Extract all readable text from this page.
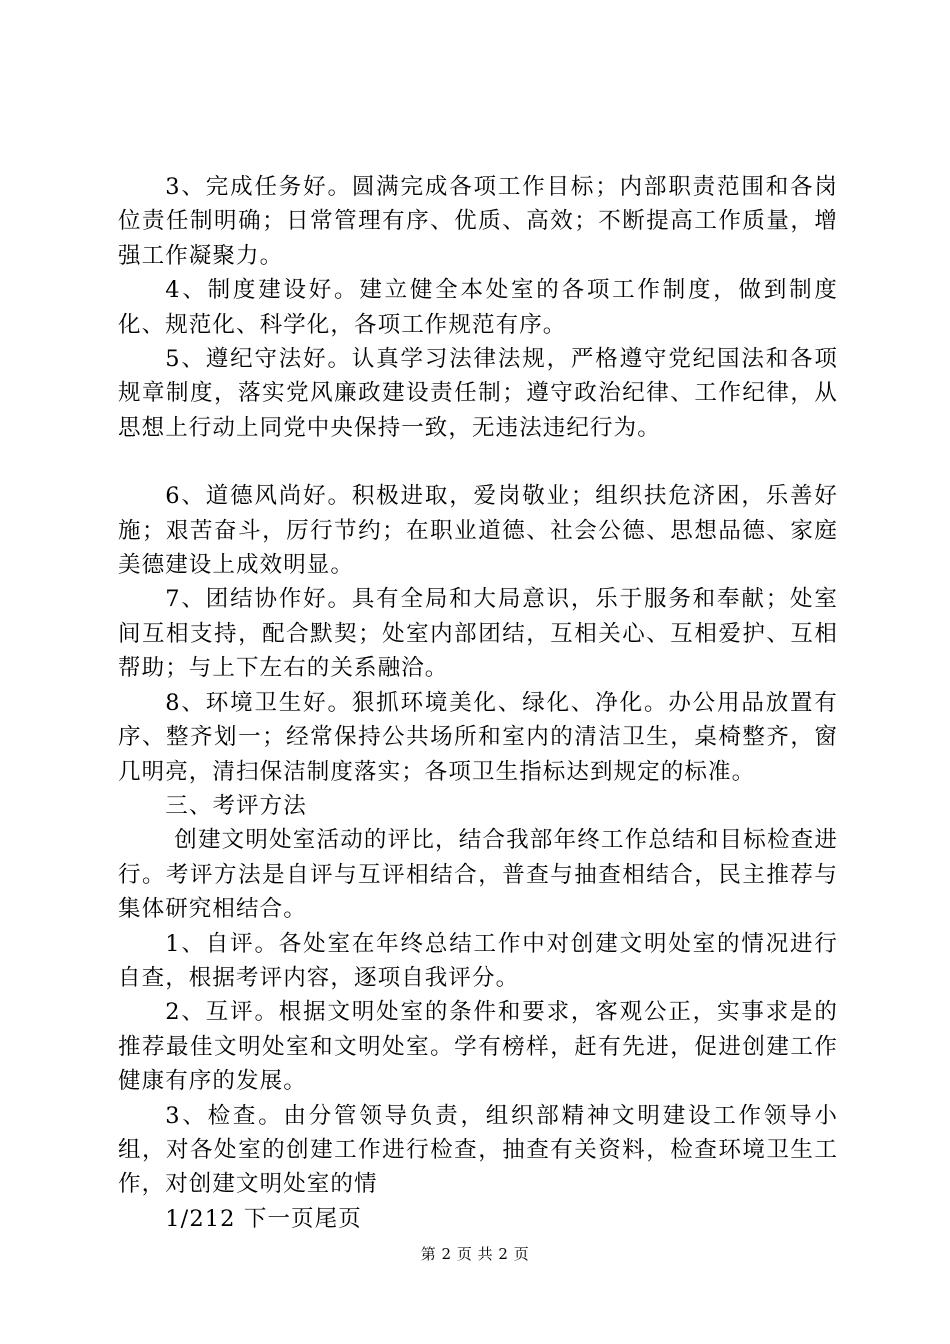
3、完成任务好。圆满完成各项工作目标；内部职责范围和各岗位责任制明确；日常管理有序、优质、高效；不断提高工作质量，增强工作凝聚力。

4、制度建设好。建立健全本处室的各项工作制度，做到制度化、规范化、科学化，各项工作规范有序。

5、遵纪守法好。认真学习法律法规，严格遵守党纪国法和各项规章制度，落实党风廉政建设责任制；遵守政治纪律、工作纪律，从思想上行动上同党中央保持一致，无违法违纪行为。

6、道德风尚好。积极进取，爱岗敬业；组织扶危济困，乐善好施；艰苦奋斗，厉行节约；在职业道德、社会公德、思想品德、家庭美德建设上成效明显。

7、团结协作好。具有全局和大局意识，乐于服务和奉献；处室间互相支持，配合默契；处室内部团结，互相关心、互相爱护、互相帮助；与上下左右的关系融洽。

8、环境卫生好。狠抓环境美化、绿化、净化。办公用品放置有序、整齐划一；经常保持公共场所和室内的清洁卫生，桌椅整齐，窗几明亮，清扫保洁制度落实；各项卫生指标达到规定的标准。

三、考评方法

创建文明处室活动的评比，结合我部年终工作总结和目标检查进行。考评方法是自评与互评相结合，普查与抽查相结合，民主推荐与集体研究相结合。

1、自评。各处室在年终总结工作中对创建文明处室的情况进行自查，根据考评内容，逐项自我评分。

2、互评。根据文明处室的条件和要求，客观公正，实事求是的推荐最佳文明处室和文明处室。学有榜样，赶有先进，促进创建工作健康有序的发展。

3、检查。由分管领导负责，组织部精神文明建设工作领导小组，对各处室的创建工作进行检查，抽查有关资料，检查环境卫生工作，对创建文明处室的情

1/212 下一页尾页

第 2 页 共 2 页
